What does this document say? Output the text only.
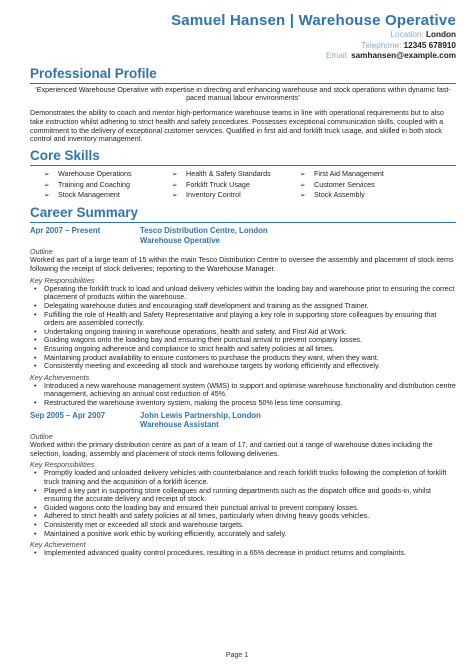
Samuel Hansen | Warehouse Operative
Location: London
Telephone: 12345 678910
Email: samhansen@example.com
Professional Profile

‘Experienced Warehouse Operative with expertise in directing and enhancing warehouse and stock operations within dynamic fast-paced manual labour environments’

Demonstrates the ability to coach and mentor high-performance warehouse teams in line with operational requirements but to also take instruction whilst adhering to strict health and safety procedures. Possesses exceptional communication skills, coupled with a commitment to the delivery of exceptional customer services. Qualified in first aid and forklift truck usage, and skilled in both stock control and inventory management.

Core Skills
➢ Warehouse Operations	➢ Health & Safety Standards	➢ First Aid Management
➢ Training and Coaching	➢ Forklift Truck Usage	➢ Customer Services
➢ Stock Management	➢ Inventory Control	➢ Stock Assembly
Career Summary
Apr 2007 – Present	Tesco Distribution Centre, London
Warehouse Operative
Outline

Worked as part of a large team of 15 within the main Tesco Distribution Centre to oversee the assembly and placement of stock items following the receipt of stock deliveries; reporting to the Warehouse Manager.

Key Responsibilities
• Operating the forklift truck to load and unload delivery vehicles within the loading bay and warehouse prior to ensuring the correct placement of products within the warehouse.
• Delegating warehouse duties and encouraging staff development and training as the assigned Trainer.
• Fulfilling the role of Health and Safety Representative and playing a key role in supporting store colleagues by ensuring that orders are assembled correctly.
• Undertaking ongoing training in warehouse operations, health and safety, and First Aid at Work.
• Guiding wagons onto the loading bay and ensuring their punctual arrival to prevent company losses.
• Ensuring ongoing adherence and compliance to strict health and safety policies at all times.
• Maintaining product availability to ensure customers to purchase the products they want, when they want.
• Consistently meeting and exceeding all stock and warehouse targets by working efficiently and effectively.
Key Achievements
• Introduced a new warehouse management system (WMS) to support and optimise warehouse functionality and distribution centre management, achieving an annual cost reduction of 45%.
• Restructured the warehouse inventory system, making the process 50% less time consuming.
Sep 2005 – Apr 2007	John Lewis Partnership, London
Warehouse Assistant
Outline

Worked within the primary distribution centre as part of a team of 17, and carried out a range of warehouse duties including the selection, loading, assembly and placement of stock items following deliveries.

Key Responsibilities
• Promptly loaded and unloaded delivery vehicles with counterbalance and reach forklift trucks following the completion of forklift truck training and the acquisition of a forklift licence.
• Played a key part in supporting store colleagues and running departments such as the dispatch office and goods-in, whilst ensuring the accurate delivery and receipt of stock.
• Guided wagons onto the loading bay and ensured their punctual arrival to prevent company losses.
• Adhered to strict health and safety policies at all times, particularly when driving heavy goods vehicles.
• Consistently met or exceeded all stock and warehouse targets.
• Maintained a positive work ethic by working efficiently, accurately and safely.
Key Achievement
• Implemented advanced quality control procedures, resulting in a 65% decrease in product returns and complaints.
Page 1
